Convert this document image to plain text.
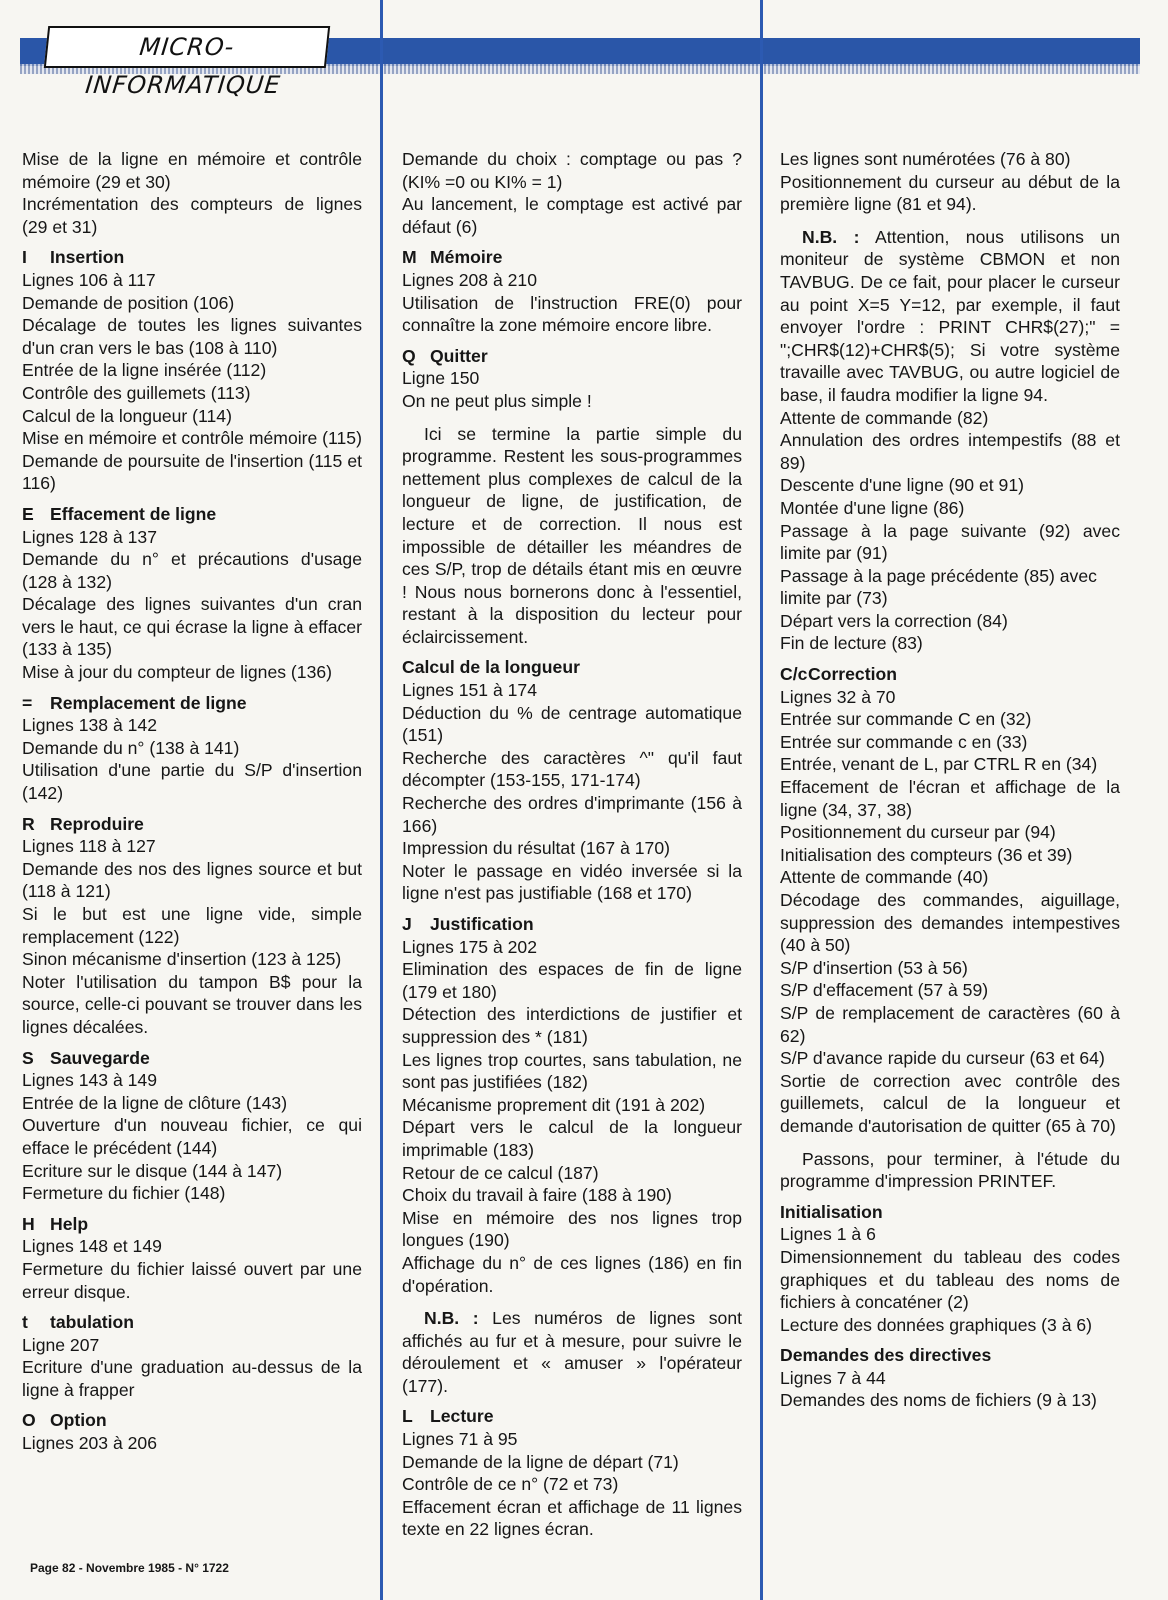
MICRO-INFORMATIQUE

Mise de la ligne en mémoire et contrôle mémoire (29 et 30)

Incrémentation des compteurs de lignes (29 et 31)

I Insertion

Lignes 106 à 117

Demande de position (106)

Décalage de toutes les lignes suivantes d'un cran vers le bas (108 à 110)

Entrée de la ligne insérée (112)

Contrôle des guillemets (113)

Calcul de la longueur (114)

Mise en mémoire et contrôle mémoire (115)

Demande de poursuite de l'insertion (115 et 116)

E Effacement de ligne

Lignes 128 à 137

Demande du n° et précautions d'usage (128 à 132)

Décalage des lignes suivantes d'un cran vers le haut, ce qui écrase la ligne à effacer (133 à 135)

Mise à jour du compteur de lignes (136)

= Remplacement de ligne

Lignes 138 à 142

Demande du n° (138 à 141)

Utilisation d'une partie du S/P d'insertion (142)

R Reproduire

Lignes 118 à 127

Demande des nos des lignes source et but (118 à 121)

Si le but est une ligne vide, simple remplacement (122)

Sinon mécanisme d'insertion (123 à 125)

Noter l'utilisation du tampon B$ pour la source, celle-ci pouvant se trouver dans les lignes décalées.

S Sauvegarde

Lignes 143 à 149

Entrée de la ligne de clôture (143)

Ouverture d'un nouveau fichier, ce qui efface le précédent (144)

Ecriture sur le disque (144 à 147)

Fermeture du fichier (148)

H Help

Lignes 148 et 149

Fermeture du fichier laissé ouvert par une erreur disque.

t tabulation

Ligne 207

Ecriture d'une graduation au-dessus de la ligne à frapper

O Option

Lignes 203 à 206

Demande du choix : comptage ou pas ? (KI% =0 ou KI% = 1)

Au lancement, le comptage est activé par défaut (6)

M Mémoire

Lignes 208 à 210

Utilisation de l'instruction FRE(0) pour connaître la zone mémoire encore libre.

Q Quitter

Ligne 150

On ne peut plus simple !

Ici se termine la partie simple du programme. Restent les sous-programmes nettement plus complexes de calcul de la longueur de ligne, de justification, de lecture et de correction. Il nous est impossible de détailler les méandres de ces S/P, trop de détails étant mis en œuvre ! Nous nous bornerons donc à l'essentiel, restant à la disposition du lecteur pour éclaircissement.

Calcul de la longueur

Lignes 151 à 174

Déduction du % de centrage automatique (151)

Recherche des caractères ^" qu'il faut décompter (153-155, 171-174)

Recherche des ordres d'imprimante (156 à 166)

Impression du résultat (167 à 170)

Noter le passage en vidéo inversée si la ligne n'est pas justifiable (168 et 170)

J Justification

Lignes 175 à 202

Elimination des espaces de fin de ligne (179 et 180)

Détection des interdictions de justifier et suppression des * (181)

Les lignes trop courtes, sans tabulation, ne sont pas justifiées (182)

Mécanisme proprement dit (191 à 202)

Départ vers le calcul de la longueur imprimable (183)

Retour de ce calcul (187)

Choix du travail à faire (188 à 190)

Mise en mémoire des nos lignes trop longues (190)

Affichage du n° de ces lignes (186) en fin d'opération.

N.B. : Les numéros de lignes sont affichés au fur et à mesure, pour suivre le déroulement et « amuser » l'opérateur (177).

L Lecture

Lignes 71 à 95

Demande de la ligne de départ (71)

Contrôle de ce n° (72 et 73)

Effacement écran et affichage de 11 lignes texte en 22 lignes écran.

Les lignes sont numérotées (76 à 80)

Positionnement du curseur au début de la première ligne (81 et 94).

N.B. : Attention, nous utilisons un moniteur de système CBMON et non TAVBUG. De ce fait, pour placer le curseur au point X=5 Y=12, par exemple, il faut envoyer l'ordre : PRINT CHR$(27);" = ";CHR$(12)+CHR$(5); Si votre système travaille avec TAVBUG, ou autre logiciel de base, il faudra modifier la ligne 94.

Attente de commande (82)

Annulation des ordres intempestifs (88 et 89)

Descente d'une ligne (90 et 91)

Montée d'une ligne (86)

Passage à la page suivante (92) avec limite par (91)

Passage à la page précédente (85) avec

limite par (73)

Départ vers la correction (84)

Fin de lecture (83)

C/cCorrection

Lignes 32 à 70

Entrée sur commande C en (32)

Entrée sur commande c en (33)

Entrée, venant de L, par CTRL R en (34)

Effacement de l'écran et affichage de la ligne (34, 37, 38)

Positionnement du curseur par (94)

Initialisation des compteurs (36 et 39)

Attente de commande (40)

Décodage des commandes, aiguillage, suppression des demandes intempestives (40 à 50)

S/P d'insertion (53 à 56)

S/P d'effacement (57 à 59)

S/P de remplacement de caractères (60 à 62)

S/P d'avance rapide du curseur (63 et 64)

Sortie de correction avec contrôle des guillemets, calcul de la longueur et demande d'autorisation de quitter (65 à 70)

Passons, pour terminer, à l'étude du programme d'impression PRINTEF.

Initialisation

Lignes 1 à 6

Dimensionnement du tableau des codes graphiques et du tableau des noms de fichiers à concaténer (2)

Lecture des données graphiques (3 à 6)

Demandes des directives

Lignes 7 à 44

Demandes des noms de fichiers (9 à 13)

Page 82 - Novembre 1985 - N° 1722
